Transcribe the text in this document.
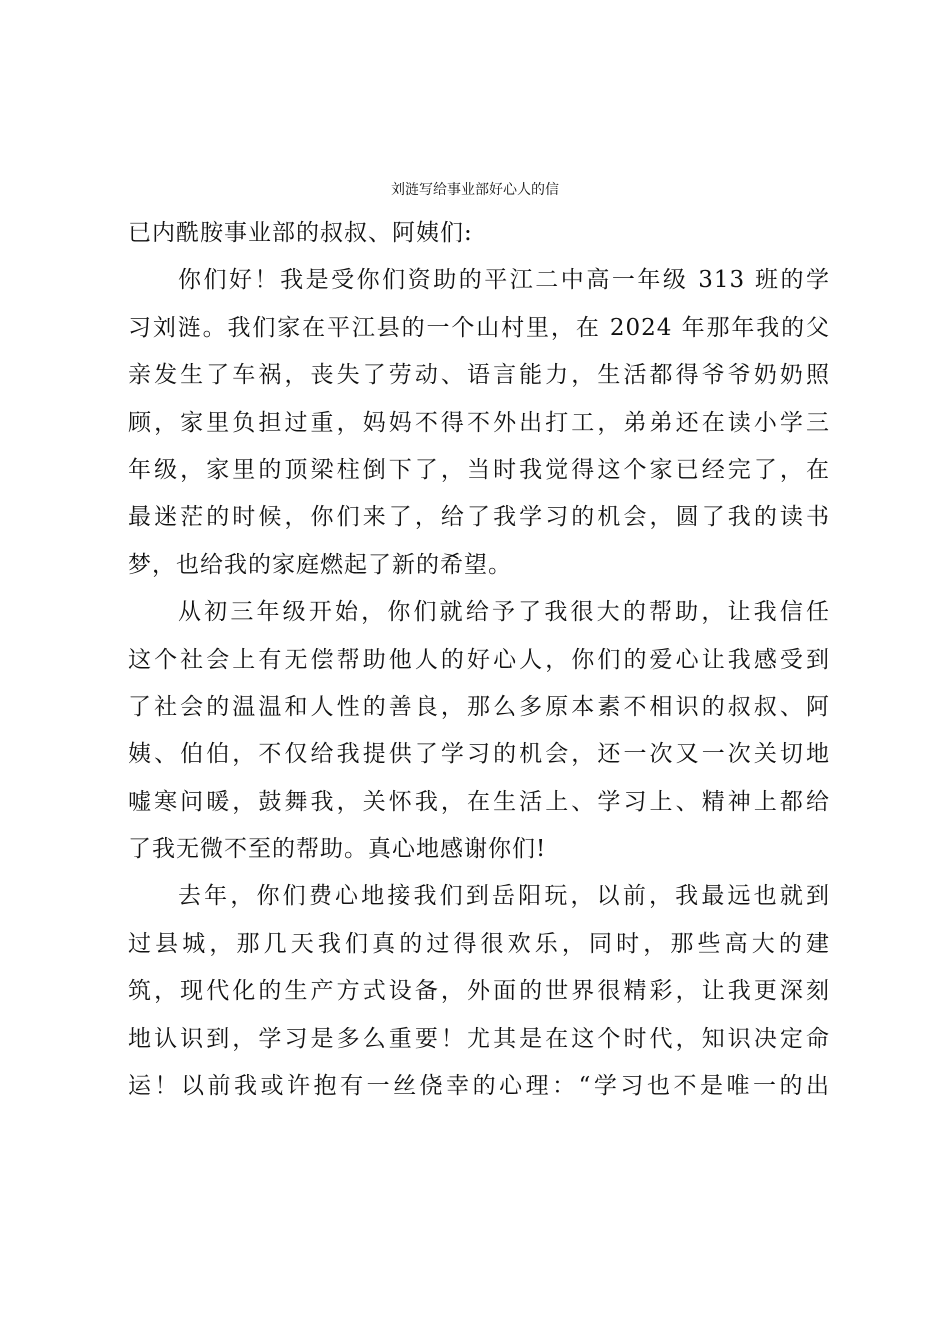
刘涟写给事业部好心人的信
已内酰胺事业部的叔叔、阿姨们:
你们好！我是受你们资助的平江二中高一年级 313 班的学
习刘涟。我们家在平江县的一个山村里，在 2024 年那年我的父
亲发生了车祸，丧失了劳动、语言能力，生活都得爷爷奶奶照
顾，家里负担过重，妈妈不得不外出打工，弟弟还在读小学三
年级，家里的顶梁柱倒下了，当时我觉得这个家已经完了，在
最迷茫的时候，你们来了，给了我学习的机会，圆了我的读书
梦，也给我的家庭燃起了新的希望。
从初三年级开始，你们就给予了我很大的帮助，让我信任
这个社会上有无偿帮助他人的好心人，你们的爱心让我感受到
了社会的温温和人性的善良，那么多原本素不相识的叔叔、阿
姨、伯伯，不仅给我提供了学习的机会，还一次又一次关切地
嘘寒问暖，鼓舞我，关怀我，在生活上、学习上、精神上都给
了我无微不至的帮助。真心地感谢你们!
去年，你们费心地接我们到岳阳玩，以前，我最远也就到
过县城，那几天我们真的过得很欢乐，同时，那些高大的建
筑，现代化的生产方式设备，外面的世界很精彩，让我更深刻
地认识到，学习是多么重要！尤其是在这个时代，知识决定命
运！以前我或许抱有一丝侥幸的心理：“学习也不是唯一的出
